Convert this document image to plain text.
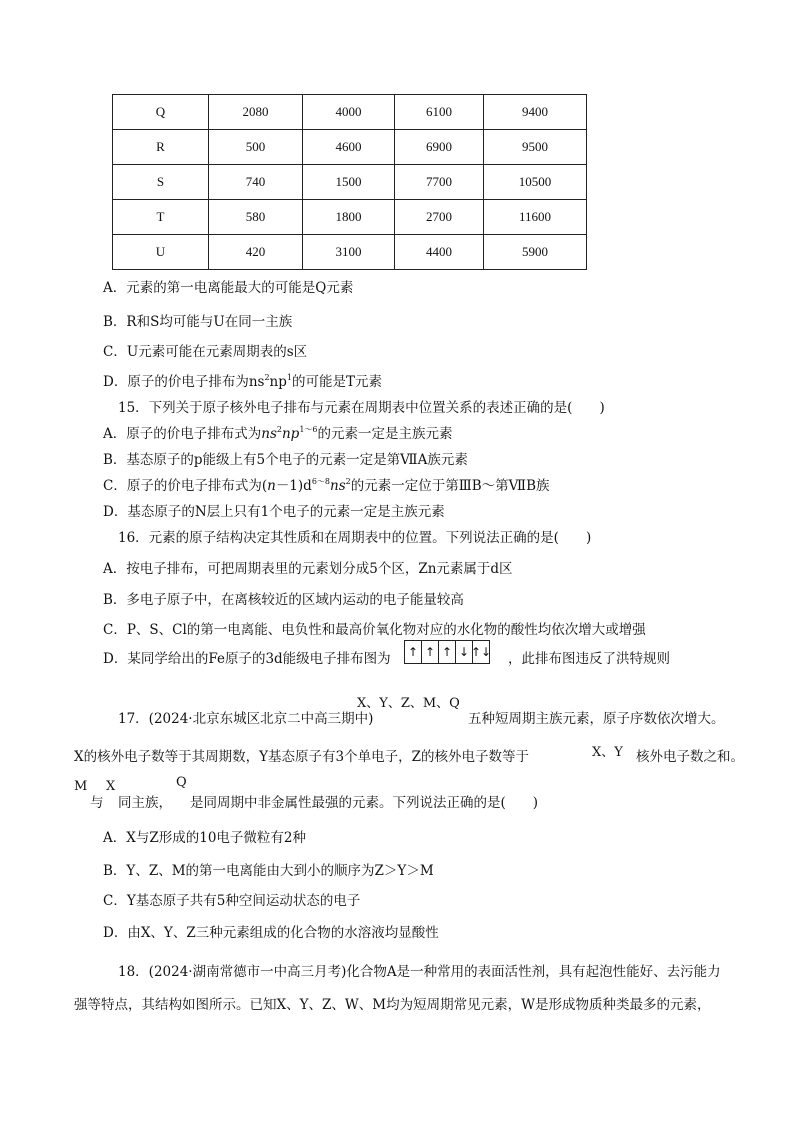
Q	2080	4000	6100	9400
R	500	4600	6900	9500
S	740	1500	7700	10500
T	580	1800	2700	11600
U	420	3100	4400	5900
A．元素的第一电离能最大的可能是Q元素
B．R和S均可能与U在同一主族
C．U元素可能在元素周期表的s区
D．原子的价电子排布为$ns^2np^1$的可能是T元素
15．下列关于原子核外电子排布与元素在周期表中位置关系的表述正确的是(　　)
A．原子的价电子排布式为$ns^2np^{1\sim 6}$的元素一定是主族元素
B．基态原子的p能级上有5个电子的元素一定是第ⅦA族元素
C．原子的价电子排布式为$(n-1)d^{6\sim 8}ns^2$的元素一定位于第ⅢB～第ⅦB族
D．基态原子的N层上只有1个电子的元素一定是主族元素
16．元素的原子结构决定其性质和在周期表中的位置。下列说法正确的是(　　)
A．按电子排布，可把周期表里的元素划分成5个区，Zn元素属于d区
B．多电子原子中，在离核较近的区域内运动的电子能量较高
C．P、S、Cl的第一电离能、电负性和最高价氧化物对应的水化物的酸性均依次增大或增强
D．某同学给出的Fe原子的3d能级电子排布图为 ↑ ↑ ↑ ↓ ↑↓ ，此排布图违反了洪特规则
17．(2024·北京东城区北京二中高三期中)
X、Y、Z、M、Q
五种短周期主族元素，原子序数依次增大。
X的核外电子数等于其周期数，Y基态原子有3个单电子，Z的核外电子数等于	X、Y 核外电子数之和。
M
与
X
同主族，
Q
是同周期中非金属性最强的元素。下列说法正确的是(　　)
A．X与Z形成的10电子微粒有2种
B．Y、Z、M的第一电离能由大到小的顺序为Z＞Y＞M
C．Y基态原子共有5种空间运动状态的电子
D．由X、Y、Z三种元素组成的化合物的水溶液均显酸性
18．(2024·湖南常德市一中高三月考)化合物A是一种常用的表面活性剂，具有起泡性能好、去污能力
强等特点，其结构如图所示。已知X、Y、Z、W、M均为短周期常见元素，W是形成物质种类最多的元素，
